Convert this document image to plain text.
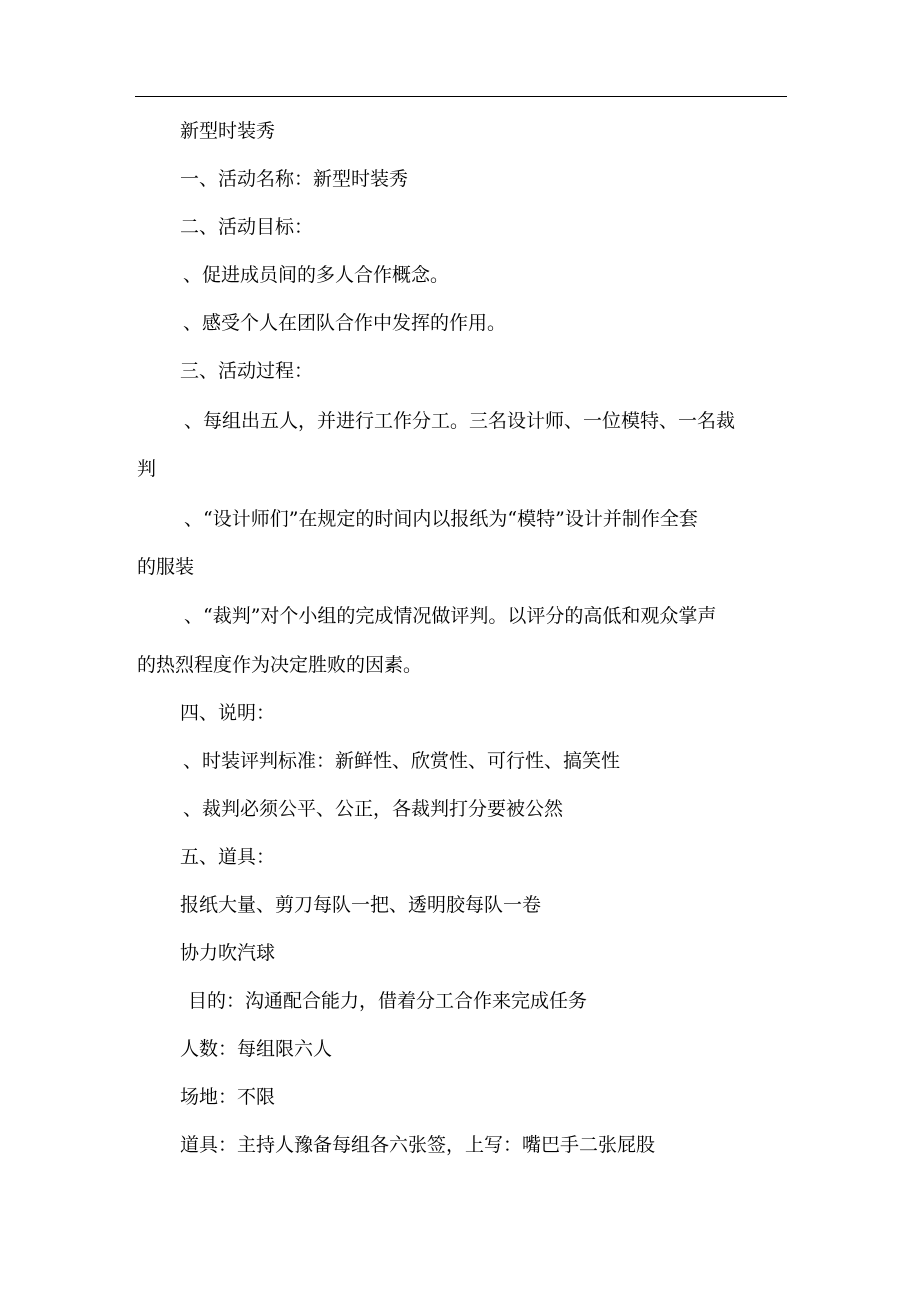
新型时装秀
一、活动名称：新型时装秀
二、活动目标：
、促进成员间的多人合作概念。
、感受个人在团队合作中发挥的作用。
三、活动过程：
、每组出五人，并进行工作分工。三名设计师、一位模特、一名裁
判
、“设计师们”在规定的时间内以报纸为“模特”设计并制作全套
的服装
、“裁判”对个小组的完成情况做评判。以评分的高低和观众掌声
的热烈程度作为决定胜败的因素。
四、说明：
、时装评判标准：新鲜性、欣赏性、可行性、搞笑性
、裁判必须公平、公正，各裁判打分要被公然
五、道具：
报纸大量、剪刀每队一把、透明胶每队一卷
协力吹汽球
目的：沟通配合能力，借着分工合作来完成任务
人数：每组限六人
场地：不限
道具：主持人豫备每组各六张签，上写：嘴巴手二张屁股
